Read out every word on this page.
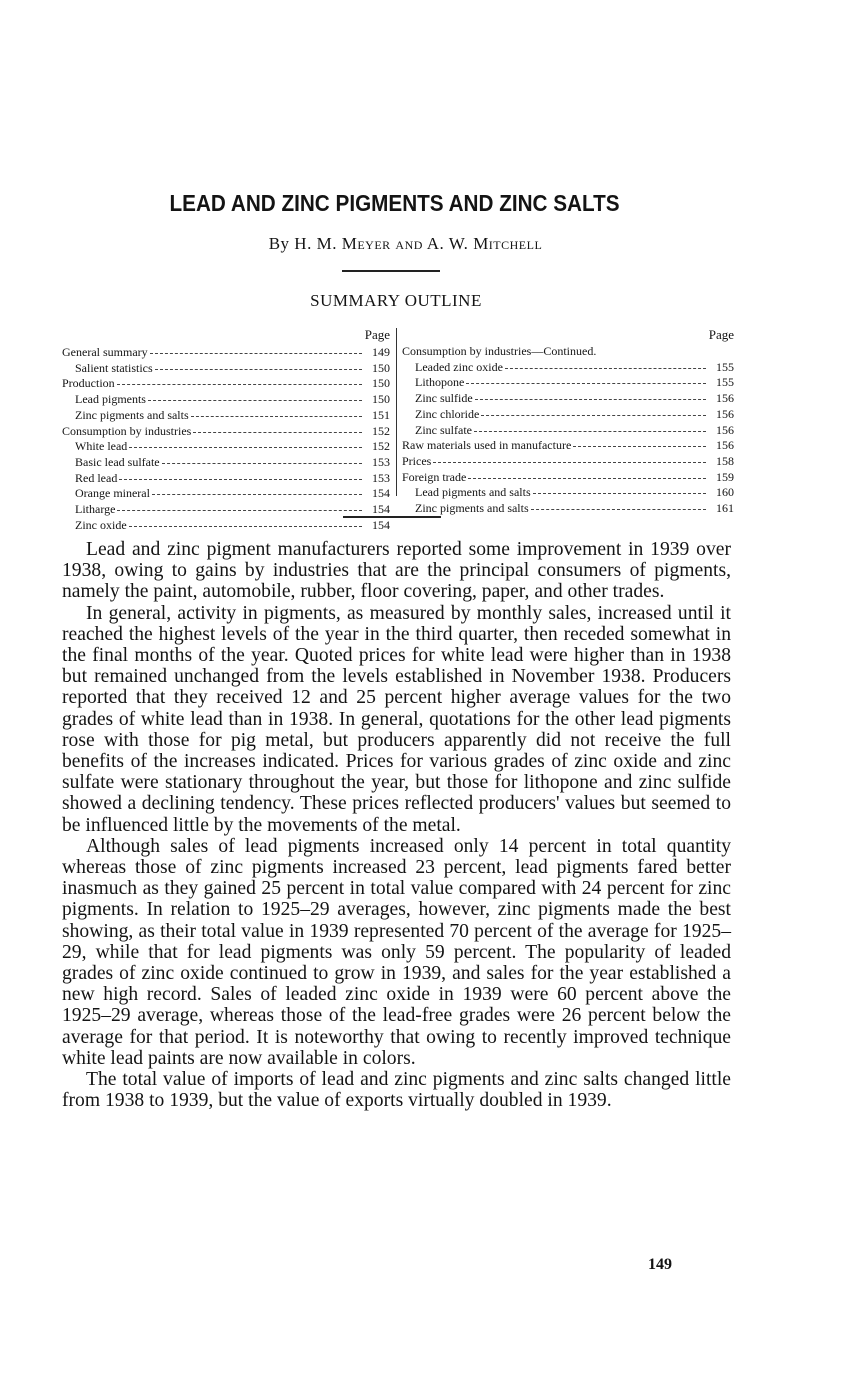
LEAD AND ZINC PIGMENTS AND ZINC SALTS
By H. M. Meyer and A. W. Mitchell
SUMMARY OUTLINE
Page
General summary	149
Salient statistics	150
Production	150
Lead pigments	150
Zinc pigments and salts	151
Consumption by industries	152
White lead	152
Basic lead sulfate	153
Red lead	153
Orange mineral	154
Litharge	154
Zinc oxide	154
Page
Consumption by industries—Continued.
Leaded zinc oxide	155
Lithopone	155
Zinc sulfide	156
Zinc chloride	156
Zinc sulfate	156
Raw materials used in manufacture	156
Prices	158
Foreign trade	159
Lead pigments and salts	160
Zinc pigments and salts	161

Lead and zinc pigment manufacturers reported some improvement in 1939 over 1938, owing to gains by industries that are the principal consumers of pigments, namely the paint, automobile, rubber, floor covering, paper, and other trades.

In general, activity in pigments, as measured by monthly sales, increased until it reached the highest levels of the year in the third quarter, then receded somewhat in the final months of the year. Quoted prices for white lead were higher than in 1938 but remained unchanged from the levels established in November 1938. Producers reported that they received 12 and 25 percent higher average values for the two grades of white lead than in 1938. In general, quotations for the other lead pigments rose with those for pig metal, but producers apparently did not receive the full benefits of the increases indicated. Prices for various grades of zinc oxide and zinc sulfate were stationary throughout the year, but those for lithopone and zinc sulfide showed a declining tendency. These prices reflected producers' values but seemed to be influenced little by the movements of the metal.

Although sales of lead pigments increased only 14 percent in total quantity whereas those of zinc pigments increased 23 percent, lead pigments fared better inasmuch as they gained 25 percent in total value compared with 24 percent for zinc pigments. In relation to 1925–29 averages, however, zinc pigments made the best showing, as their total value in 1939 represented 70 percent of the average for 1925–29, while that for lead pigments was only 59 percent. The popularity of leaded grades of zinc oxide continued to grow in 1939, and sales for the year established a new high record. Sales of leaded zinc oxide in 1939 were 60 percent above the 1925–29 average, whereas those of the lead-free grades were 26 percent below the average for that period. It is noteworthy that owing to recently improved technique white lead paints are now available in colors.

The total value of imports of lead and zinc pigments and zinc salts changed little from 1938 to 1939, but the value of exports virtually doubled in 1939.

149
